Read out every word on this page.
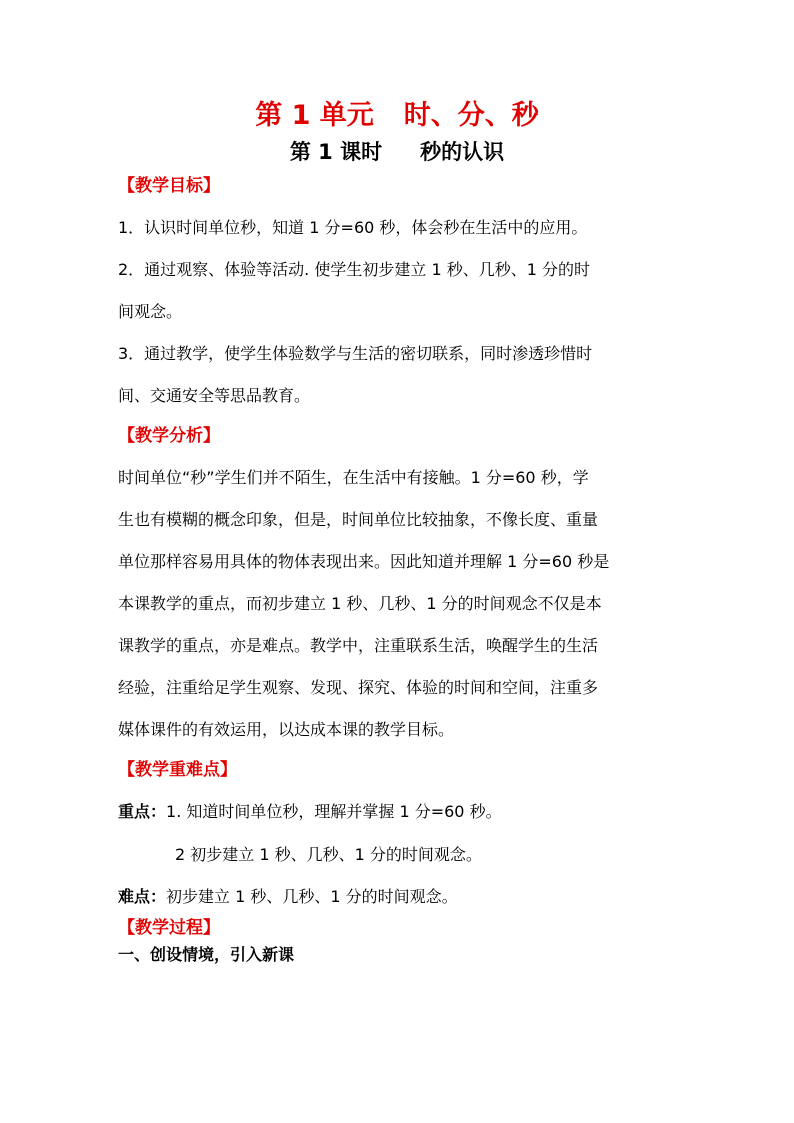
第 1 单元 时、分、秒
第 1 课时 秒的认识
【教学目标】
1．认识时间单位秒，知道 1 分=60 秒，体会秒在生活中的应用。
2．通过观察、体验等活动. 使学生初步建立 1 秒、几秒、1 分的时
间观念。
3．通过教学，使学生体验数学与生活的密切联系，同时渗透珍惜时
间、交通安全等思品教育。
【教学分析】
时间单位“秒”学生们并不陌生，在生活中有接触。1 分=60 秒，学
生也有模糊的概念印象，但是，时间单位比较抽象，不像长度、重量
单位那样容易用具体的物体表现出来。因此知道并理解 1 分=60 秒是
本课教学的重点，而初步建立 1 秒、几秒、1 分的时间观念不仅是本
课教学的重点，亦是难点。教学中，注重联系生活，唤醒学生的生活
经验，注重给足学生观察、发现、探究、体验的时间和空间，注重多
媒体课件的有效运用，以达成本课的教学目标。
【教学重难点】
重点：1. 知道时间单位秒，理解并掌握 1 分=60 秒。
2 初步建立 1 秒、几秒、1 分的时间观念。
难点：初步建立 1 秒、几秒、1 分的时间观念。
【教学过程】
一、创设情境，引入新课
